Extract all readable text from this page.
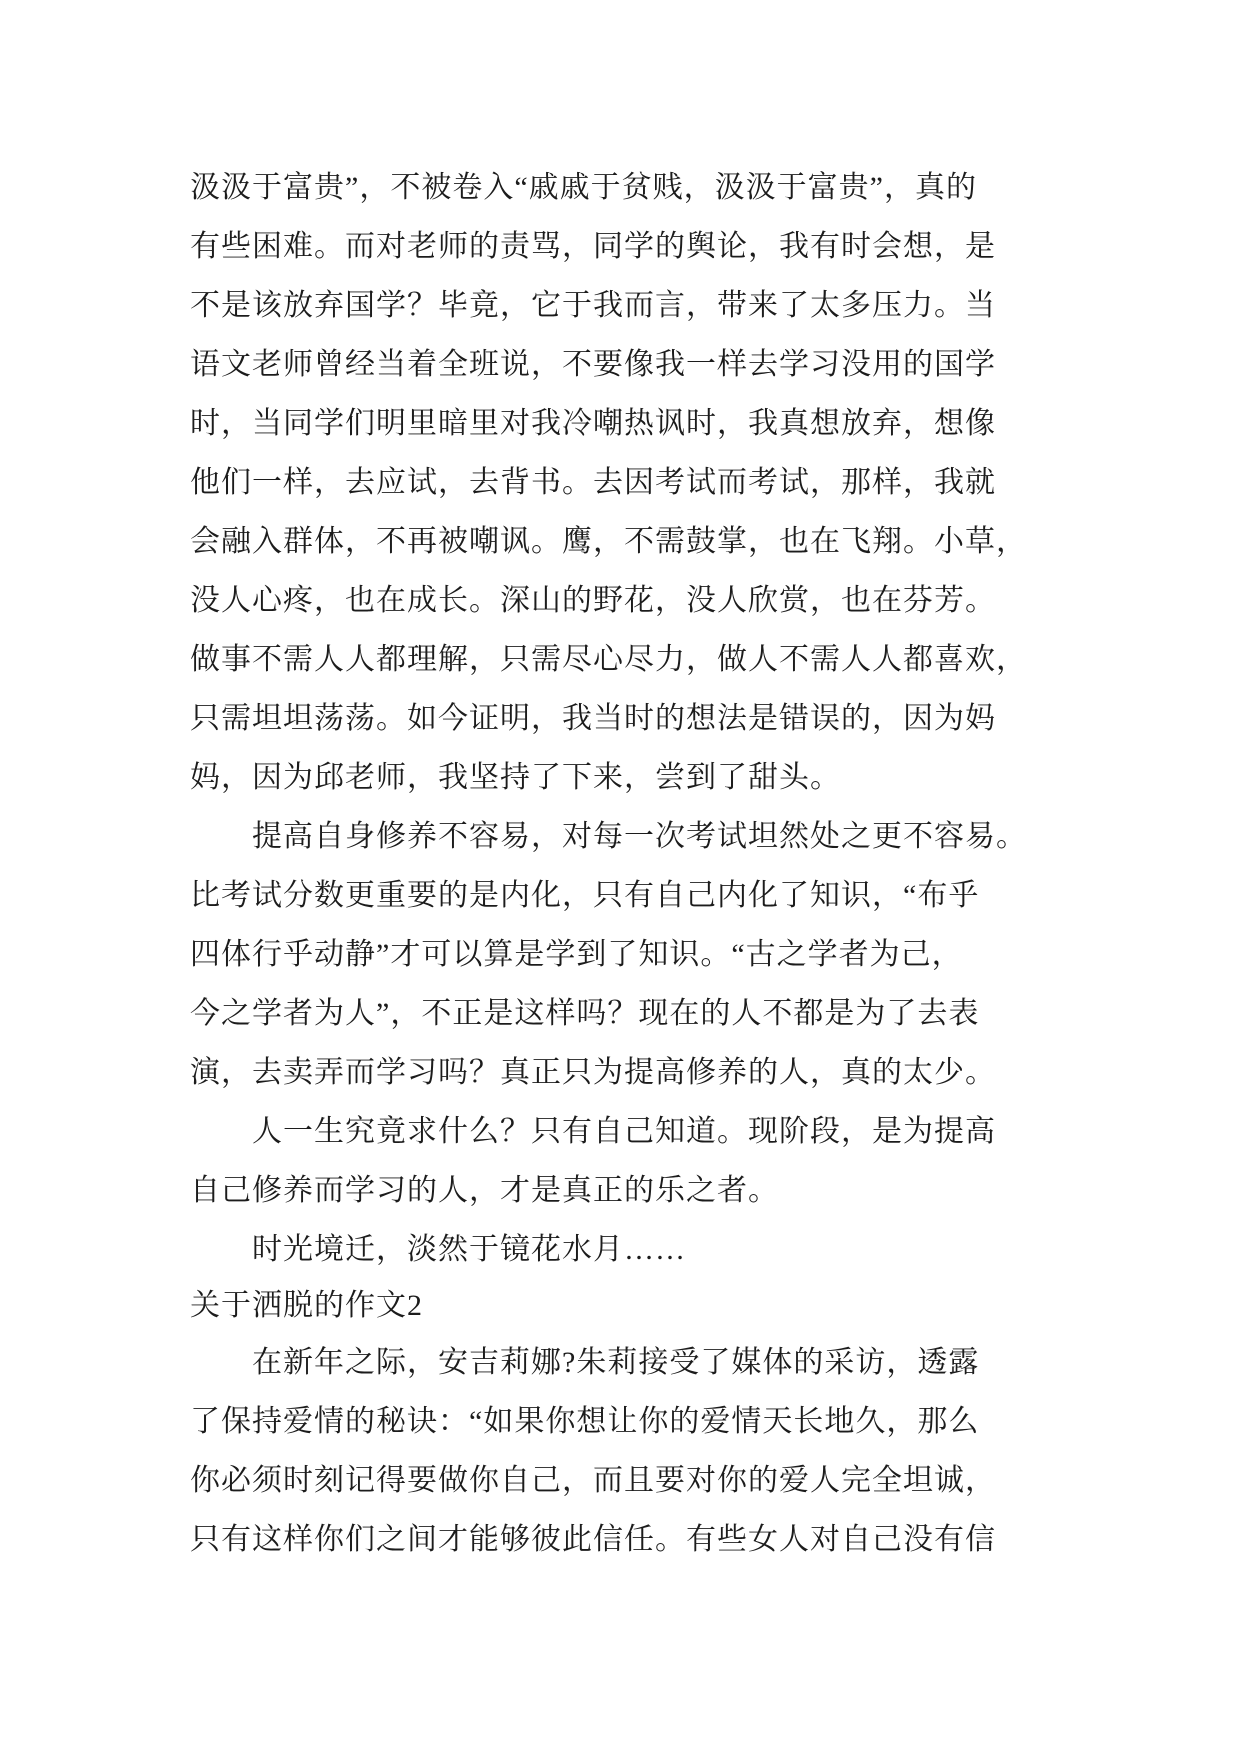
汲汲于富贵”，不被卷入“戚戚于贫贱，汲汲于富贵”，真的
有些困难。而对老师的责骂，同学的舆论，我有时会想，是
不是该放弃国学？毕竟，它于我而言，带来了太多压力。当
语文老师曾经当着全班说，不要像我一样去学习没用的国学
时，当同学们明里暗里对我冷嘲热讽时，我真想放弃，想像
他们一样，去应试，去背书。去因考试而考试，那样，我就
会融入群体，不再被嘲讽。鹰，不需鼓掌，也在飞翔。小草，
没人心疼，也在成长。深山的野花，没人欣赏，也在芬芳。
做事不需人人都理解，只需尽心尽力，做人不需人人都喜欢，
只需坦坦荡荡。如今证明，我当时的想法是错误的，因为妈
妈，因为邱老师，我坚持了下来，尝到了甜头。
提高自身修养不容易，对每一次考试坦然处之更不容易。
比考试分数更重要的是内化，只有自己内化了知识，“布乎
四体行乎动静”才可以算是学到了知识。“古之学者为己，
今之学者为人”，不正是这样吗？现在的人不都是为了去表
演，去卖弄而学习吗？真正只为提高修养的人，真的太少。
人一生究竟求什么？只有自己知道。现阶段，是为提高
自己修养而学习的人，才是真正的乐之者。
时光境迁，淡然于镜花水月……
关于洒脱的作文2
在新年之际，安吉莉娜?朱莉接受了媒体的采访，透露
了保持爱情的秘诀：“如果你想让你的爱情天长地久，那么
你必须时刻记得要做你自己，而且要对你的爱人完全坦诚，
只有这样你们之间才能够彼此信任。有些女人对自己没有信
